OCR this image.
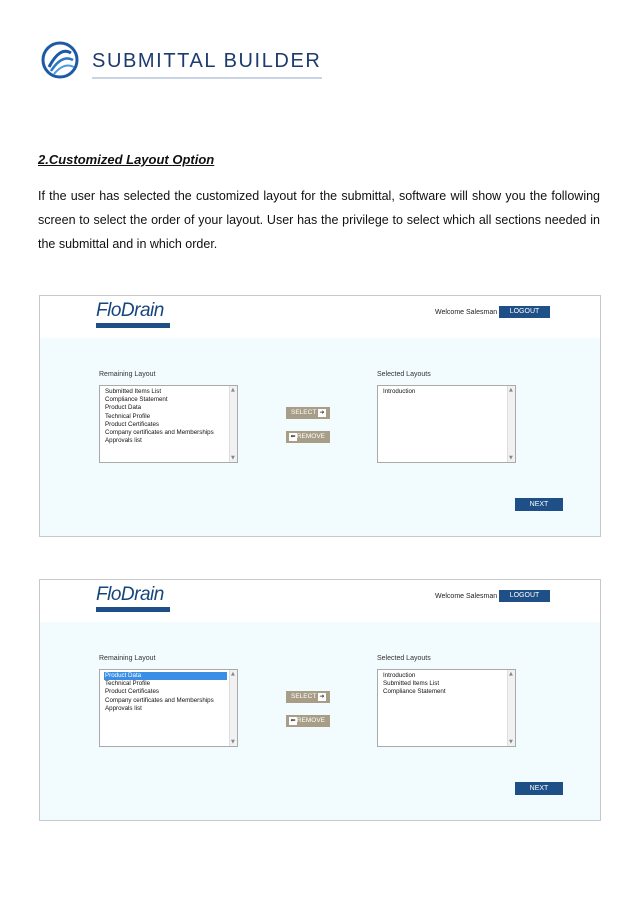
SUBMITTAL BUILDER
2.Customized Layout Option

If the user has selected the customized layout for the submittal, software will show you the following screen to select the order of your layout. User has the privilege to select which all sections needed in the submittal and in which order.

FloDrain	Welcome Salesman	LOGOUT
Remaining Layout	Selected Layouts
Submitted Items List
Compliance Statement
Product Data
Technical Profile
Product Certificates
Company certificates and Memberships
Approvals list
▲
▼
Introduction	▲
▼
SELECT ➜
⬅ REMOVE
NEXT
FloDrain	Welcome Salesman	LOGOUT
Remaining Layout	Selected Layouts
Product Data
Technical Profile
Product Certificates
Company certificates and Memberships
Approvals list
▲
▼
Introduction
Submitted Items List
Compliance Statement
▲
▼
SELECT ➜
⬅ REMOVE
NEXT
